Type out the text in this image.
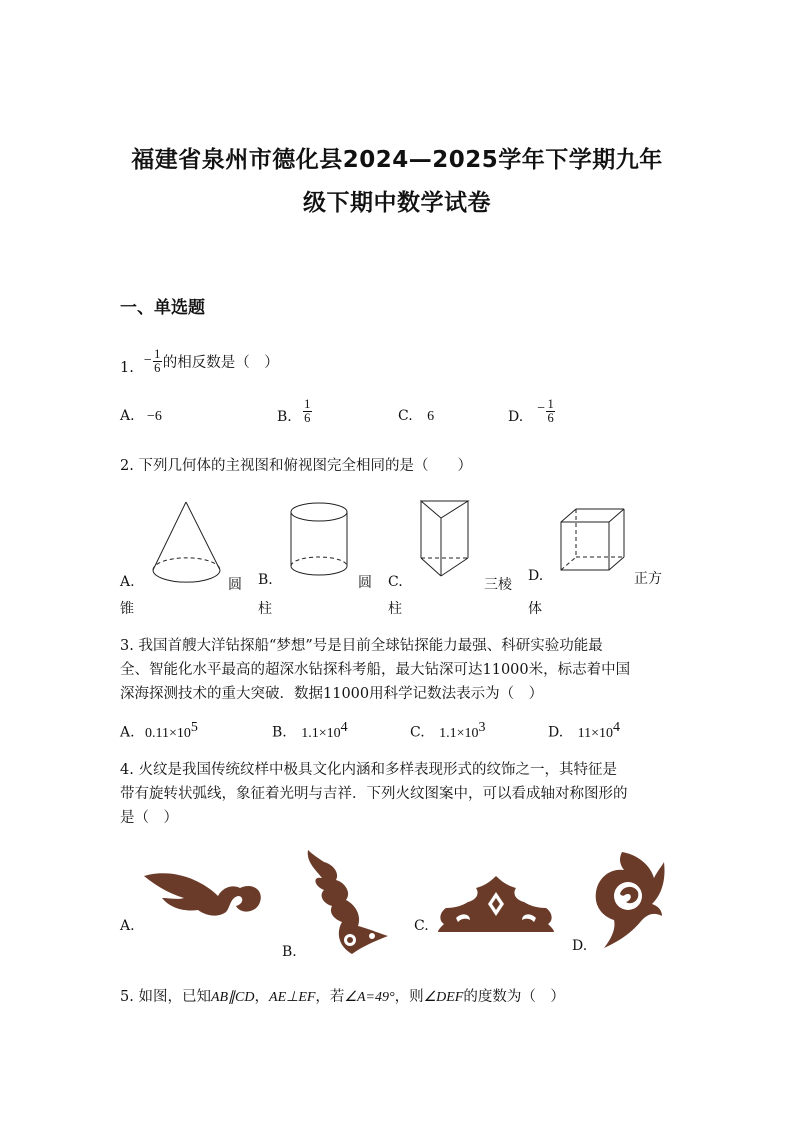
福建省泉州市德化县2024—2025学年下学期九年
级下期中数学试卷
一、单选题
1. − $\frac{1}{6}$ 的相反数是（　）
A. −6	B. $\frac{1}{6}$	C. 6	D.
− $\frac{1}{6}$
2. 下列几何体的主视图和俯视图完全相同的是（　　）
A.	圆
锥
B.	圆
柱
C.	三棱
柱
D.	正方
体
3. 我国首艘大洋钻探船“梦想”号是目前全球钻探能力最强、科研实验功能最
全、智能化水平最高的超深水钻探科考船，最大钻深可达11000米，标志着中国
深海探测技术的重大突破．数据11000用科学记数法表示为（　）
A. $0.11\times 10^5$	B. $1.1\times 10^4$	C. $1.1\times 10^3$	D. $11\times 10^4$
4. 火纹是我国传统纹样中极具文化内涵和多样表现形式的纹饰之一，其特征是
带有旋转状弧线，象征着光明与吉祥．下列火纹图案中，可以看成轴对称图形的
是（　）
A.
B.
C.
D.
5. 如图，已知 AB∥CD ， AE⊥EF ，若 ∠A=49° ，则 ∠DEF 的度数为（　）
